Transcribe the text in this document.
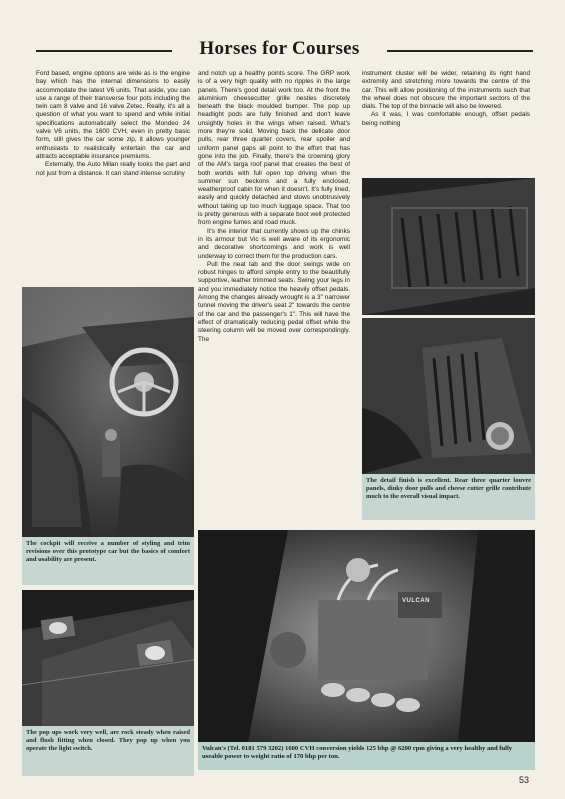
Horses for Courses

Ford based, engine options are wide as is the engine bay which has the internal dimensions to easily accommodate the latest V6 units. That aside, you can use a range of their transverse four pots including the twin cam 8 valve and 16 valve Zetec. Really, it's all a question of what you want to spend and while initial specifications automatically select the Mondeo 24 valve V6 units, the 1600 CVH, even in pretty basic form, still gives the car some zip, it allows younger enthusiasts to realistically entertain the car and attracts acceptable insurance premiums.

Externally, the Auto Milan really looks the part and not just from a distance. It can stand intense scrutiny

and notch up a healthy points score. The GRP work is of a very high quality with no ripples in the large panels. There's good detail work too. At the front the aluminium cheesecutter grille nestles discretely beneath the black moulded bumper. The pop up headlight pods are fully finished and don't leave unsightly holes in the wings when raised. What's more they're solid. Moving back the delicate door pulls, rear three quarter covers, rear spoiler and uniform panel gaps all point to the effort that has gone into the job. Finally, there's the crowning glory of the AM's targa roof panel that creates the best of both worlds with full open top driving when the summer sun beckons and a fully enclosed, weatherproof cabin for when it doesn't. It's fully lined, easily and quickly detached and stows unobtrusively without taking up too much luggage space. That too is pretty generous with a separate boot well protected from engine fumes and road muck.

It's the interior that currently shows up the chinks in its armour but Vic is well aware of its ergonomic and decorative shortcomings and work is well underway to correct them for the production cars.

Pull the neat tab and the door swings wide on robust hinges to afford simple entry to the beautifully supportive, leather trimmed seats. Swing your legs in and you immediately notice the heavily offset pedals. Among the changes already wrought is a 3" narrower tunnel moving the driver's seat 2" towards the centre of the car and the passenger's 1". This will have the effect of dramatically reducing pedal offset while the steering column will be moved over correspondingly. The

instrument cluster will be wider, retaining its right hand extremity and stretching more towards the centre of the car. This will allow positioning of the instruments such that the wheel does not obscure the important sectors of the dials. The top of the binnacle will also be lowered.

As it was, I was comfortable enough, offset pedals being nothing

The cockpit will receive a number of styling and trim revisions over this prototype car but the basics of comfort and usability are present.
The pop ups work very well, are rock steady when raised and flush fitting when closed. They pop up when you operate the light switch.
The detail finish is excellent. Rear three quarter louvre panels, dinky door pulls and cheese cutter grille contribute much to the overall visual impact.
VULCAN
Vulcan's (Tel. 0181 579 3202) 1600 CVH conversion yields 125 bhp @ 6200 rpm giving a very healthy and fully useable power to weight ratio of 170 bhp per ton.
53
